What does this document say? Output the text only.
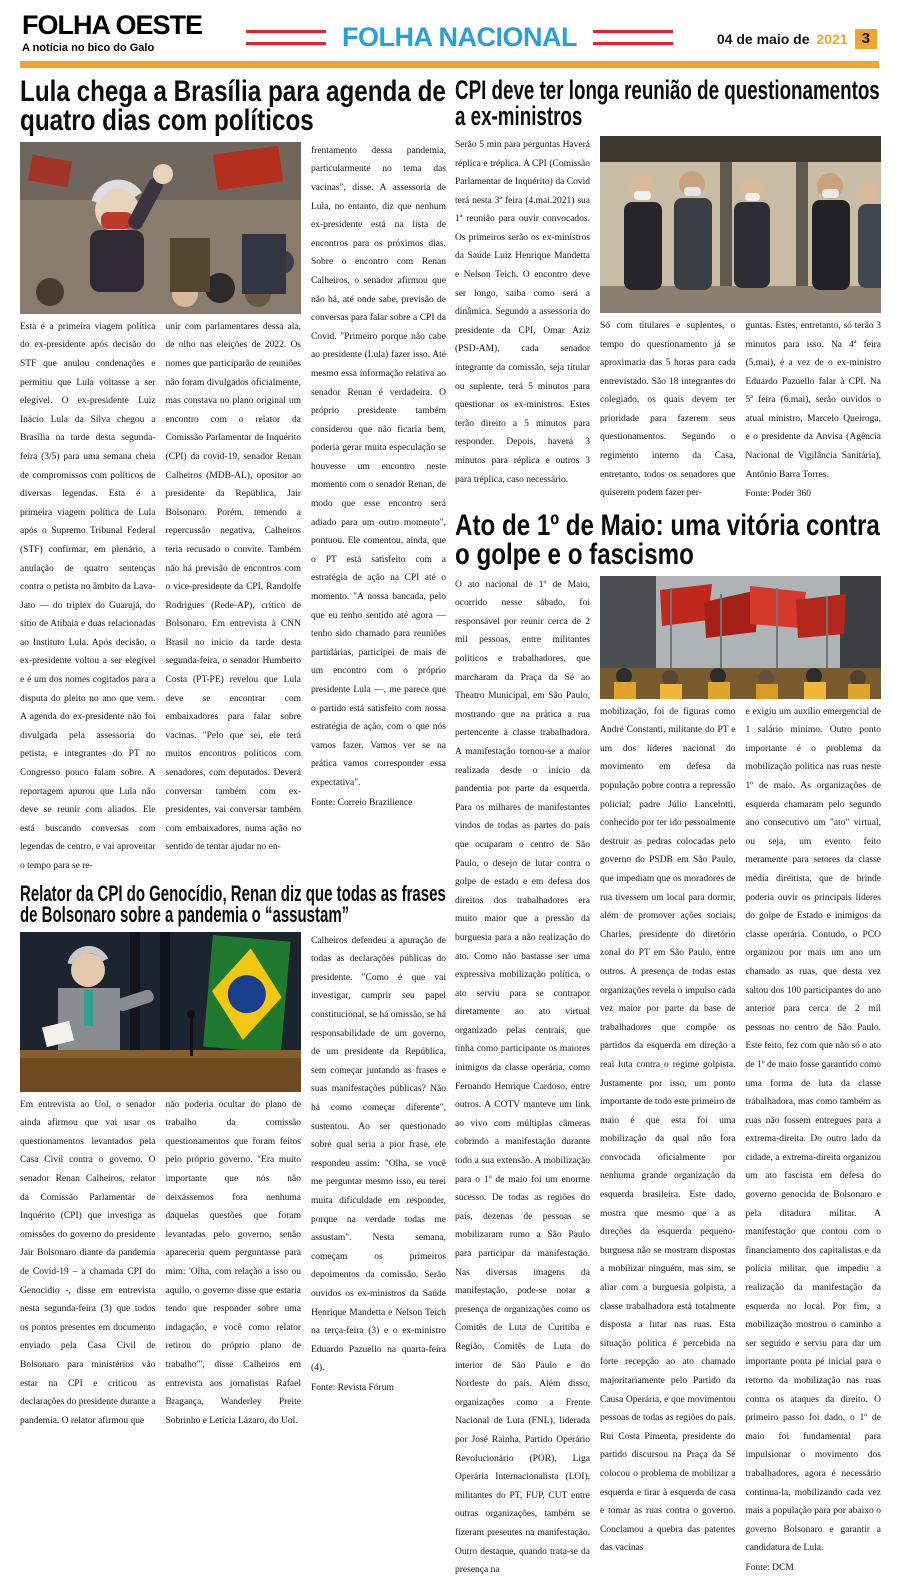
FOLHA OESTE
A notícia no bico do Galo	FOLHA NACIONAL	04 de maio de 2021 3
Lula chega a Brasília para agenda de
quatro dias com políticos
Esta é a primeira viagem política do ex-presidente após decisão do STF que anulou condenações e permitiu que Lula voltasse a ser elegível. O ex-presidente Luiz Inácio Lula da Silva chegou a Brasília na tarde desta segunda-feira (3/5) para uma semana cheia de compromissos com políticos de diversas legendas. Esta é a primeira viagem política de Lula após o Supremo Tribunal Federal (STF) confirmar, em plenário, a anulação de quatro sentenças contra o petista no âmbito da Lava-Jato — do triplex do Guarujá, do sítio de Atibaia e duas relacionadas ao Instituto Lula. Após decisão, o ex-presidente voltou a ser elegível e é um dos nomes cogitados para a disputa do pleito no ano que vem. A agenda do ex-presidente não foi divulgada pela assessoria do petista, e integrantes do PT no Congresso pouco falam sobre. A reportagem apurou que Lula não deve se reunir com aliados. Ele está buscando conversas com legendas de centro, e vai aproveitar o tempo para se re-
unir com parlamentares dessa ala, de olho nas eleições de 2022. Os nomes que participarão de reuniões não foram divulgados oficialmente, mas constava no plano original um encontro com o relator da Comissão Parlamentar de Inquérito (CPI) da covid-19, senador Renan Calheiros (MDB-AL), opositor ao presidente da República, Jair Bolsonaro. Porém, temendo a repercussão negativa, Calheiros teria recusado o convite. Também não há previsão de encontros com o vice-presidente da CPI, Randolfe Rodrigues (Rede-AP), crítico de Bolsonaro. Em entrevista à CNN Brasil no início da tarde desta segunda-feira, o senador Humberto Costa (PT-PE) revelou que Lula deve se encontrar com embaixadores para falar sobre vacinas. "Pelo que sei, ele terá muitos encontros políticos com senadores, com deputados. Deverá conversar também com ex-presidentes, vai conversar também com embaixadores, numa ação no sentido de tentar ajudar no en-
frentamento dessa pandemia, particularmente no tema das vacinas", disse. A assessoria de Lula, no entanto, diz que nenhum ex-presidente está na lista de encontros para os próximos dias. Sobre o encontro com Renan Calheiros, o senador afirmou que não há, até onde sabe, previsão de conversas para falar sobre a CPI da Covid. "Primeiro porque não cabe ao presidente (Lula) fazer isso. Até mesmo essa informação relativa ao senador Renan é verdadeira. O próprio presidente também considerou que não ficaria bem, poderia gerar muita especulação se houvesse um encontro neste momento com o senador Renan, de modo que esse encontro será adiado para um outro momento", pontuou. Ele comentou, ainda, que o PT está satisfeito com a estratégia de ação na CPI até o momento. "A nossa bancada, pelo que eu tenho sentido até agora — tenho sido chamado para reuniões partidárias, participei de mais de um encontro com o próprio presidente Lula —, me parece que o partido está satisfeito com nossa estratégia de ação, com o que nós vamos fazer. Vamos ver se na prática vamos corresponder essa expectativa".
Fonte: Correio Brazilience
Relator da CPI do Genocídio, Renan diz que todas as frases
de Bolsonaro sobre a pandemia o “assustam”
Em entrevista ao Uol, o senador ainda afirmou que vai usar os questionamentos levantados pela Casa Civil contra o governo. O senador Renan Calheiros, relator da Comissão Parlamentar de Inquérito (CPI) que investiga as omissões do governo do presidente Jair Bolsonaro diante da pandemia de Covid-19 – a chamada CPI do Genocídio -, disse em entrevista nesta segunda-feira (3) que todos os pontos presentes em documento enviado pela Casa Civil de Bolsonaro para ministérios vão estar na CPI e criticou as declarações do presidente durante a pandemia. O relator afirmou que
não poderia ocultar do plano de trabalho da comissão questionamentos que foram feitos pelo próprio governo. "Era muito importante que nós não deixássemos fora nenhuma daquelas questões que foram levantadas pelo governo, senão apareceria quem perguntasse para mim: 'Olha, com relação a isso ou aquilo, o governo disse que estaria tendo que responder sobre uma indagação, e você como relator retirou do próprio plano de trabalho'", disse Calheiros em entrevista aos jornalistas Rafael Bragança, Wanderley Preite Sobrinho e Letícia Lázaro, do Uol.
Calheiros defendeu a apuração de todas as declarações públicas do presidente. "Como é que vai investigar, cumprir seu papel constitucional, se há omissão, se há responsabilidade de um governo, de um presidente da República, sem começar juntando as frases e suas manifestações públicas? Não há como começar diferente", sustentou. Ao ser questionado sobre qual seria a pior frase, ele respondeu assim: "Olha, se você me perguntar mesmo isso, eu terei muita dificuldade em responder, porque na verdade todas me assustam". Nesta semana, começam os primeiros depoimentos da comissão. Serão ouvidos os ex-ministros da Saúde Henrique Mandetta e Nelson Teich na terça-feira (3) e o ex-ministro Eduardo Pazuello na quarta-feira (4).
Fonte: Revista Fórum
CPI deve ter longa reunião de questionamentos
a ex-ministros
Serão 5 min para perguntas Haverá réplica e tréplica. A CPI (Comissão Parlamentar de Inquérito) da Covid terá nesta 3ª feira (4.mai.2021) sua 1ª reunião para ouvir convocados. Os primeiros serão os ex-ministros da Saúde Luiz Henrique Mandetta e Nelson Teich. O encontro deve ser longo, saiba como será a dinâmica. Segundo a assessoria do presidente da CPI, Omar Aziz (PSD-AM), cada senador integrante da comissão, seja titular ou suplente, terá 5 minutos para questionar os ex-ministros. Estes terão direito a 5 minutos para responder. Depois, haverá 3 minutos para réplica e outros 3 para tréplica, caso necessário.
Só com titulares e suplentes, o tempo do questionamento já se aproximaria das 5 horas para cada entrevistado. São 18 integrantes do colegiado, os quais devem ter prioridade para fazerem seus questionamentos. Segundo o regimento interno da Casa, entretanto, todos os senadores que quiserem podem fazer per-
guntas. Estes, entretanto, só terão 3 minutos para isso. Na 4ª feira (5.mai), é a vez de o ex-ministro Eduardo Pazuello falar à CPI. Na 5ª feira (6.mai), serão ouvidos o atual ministro, Marcelo Queiroga, e o presidente da Anvisa (Agência Nacional de Vigilância Sanitária), Antônio Barra Torres.
Fonte: Poder 360
Ato de 1º de Maio: uma vitória contra
o golpe e o fascismo
O ato nacional de 1º de Maio, ocorrido nesse sábado, foi responsável por reunir cerca de 2 mil pessoas, entre militantes políticos e trabalhadores, que marcharam da Praça da Sé ao Theatro Municipal, em São Paulo, mostrando que na prática a rua pertencente à classe trabalhadora. A manifestação tornou-se a maior realizada desde o início da pandemia por parte da esquerda. Para os milhares de manifestantes vindos de todas as partes do país que ocuparam o centro de São Paulo, o desejo de lutar contra o golpe de estado e em defesa dos direitos dos trabalhadores era muito maior que a pressão da burguesia para a não realização do ato. Como não bastasse ser uma expressiva mobilização política, o ato serviu para se contrapor diretamente ao ato virtual organizado pelas centrais, que tinha como participante os maiores inimigos da classe operária, como Fernando Henrique Cardoso, entre outros. A COTV manteve um link ao vivo com múltiplas câmeras cobrindo a manifestação durante todo a sua extensão. A mobilização para o 1º de maio foi um enorme sucesso. De todas as regiões do país, dezenas de pessoas se mobilizaram rumo a São Paulo para participar da manifestação. Nas diversas imagens da manifestação, pode-se notar a presença de organizações como os Comitês de Luta de Curitiba e Região, Comitês de Luta do interior de São Paulo e do Nordeste do país. Além disso, organizações como a Frente Nacional de Luta (FNL), liderada por José Rainha, Partido Operário Revolucionário (POR), Liga Operária Internacionalista (LOI), militantes do PT, FUP, CUT entre outras organizações, também se fizeram presentes na manifestação. Outro destaque, quando trata-se da presença na
mobilização, foi de figuras como André Constanti, militante do PT e um dos líderes nacional do movimento em defesa da população pobre contra a repressão policial; padre Júlio Lancelotti, conhecido por ter ido pessoalmente destruir as pedras colocadas pelo governo do PSDB em São Paulo, que impediam que os moradores de rua tivessem um local para dormir, além de promover ações sociais; Charles, presidente do diretório zonal do PT em São Paulo, entre outros. A presença de todas estas organizações revela o impulso cada vez maior por parte da base de trabalhadores que compõe os partidos da esquerda em direção a real luta contra o regime golpista. Justamente por isso, um ponto importante de todo este primeiro de maio é que esta foi uma mobilização da qual não fora convocada oficialmente por nenhuma grande organização da esquerda brasileira. Este dado, mostra que mesmo que a as direções da esquerda pequeno-burguesa não se mostram dispostas a mobilizar ninguém, mas sim, se aliar com a burguesia golpista, a classe trabalhadora está totalmente disposta a lutar nas ruas. Esta situação política é percebida na forte recepção ao ato chamado majoritariamente pelo Partido da Causa Operária, e que movimentou pessoas de todas as regiões do país. Rui Costa Pimenta, presidente do partido discursou na Praça da Sé colocou o problema de mobilizar a esquerda e tirar à esquerda de casa e tomar as ruas contra o governo. Conclamou a quebra das patentes das vacinas
e exigiu um auxílio emergencial de 1 salário mínimo. Outro ponto importante é o problema da mobilização política nas ruas neste 1º de maio. As organizações de esquerda chamaram pelo segundo ano consecutivo um "ato" virtual, ou seja, um evento feito meramente para setores da classe média direitista, que de brinde poderia ouvir os principais líderes do golpe de Estado e inimigos da classe operária. Contudo, o PCO organizou por mais um ano um chamado as ruas, que desta vez saltou dos 100 participantes do ano anterior para cerca de 2 mil pessoas no centro de São Paulo. Este feito, fez com que não só o ato de 1º de maio fosse garantido como uma forma de luta da classe trabalhadora, mas como também as ruas não fossem entregues para a extrema-direita. Do outro lado da cidade, a extrema-direita organizou um ato fascista em defesa do governo genocida de Bolsonaro e pela ditadura militar. A manifestação que contou com o financiamento dos capitalistas e da polícia militar, que impediu a realização da manifestação da esquerda no local. Por fim, a mobilização mostrou o caminho a ser seguido e serviu para dar um importante ponta pé inicial para o retorno da mobilização nas ruas contra os ataques da direito. O primeiro passo foi dado, o 1º de maio foi fundamental para impulsionar o movimento dos trabalhadores, agora é necessário continua-la, mobilizando cada vez mais a população para por abaixo o governo Bolsonaro e garantir a candidatura de Lula.
Fonte: DCM
